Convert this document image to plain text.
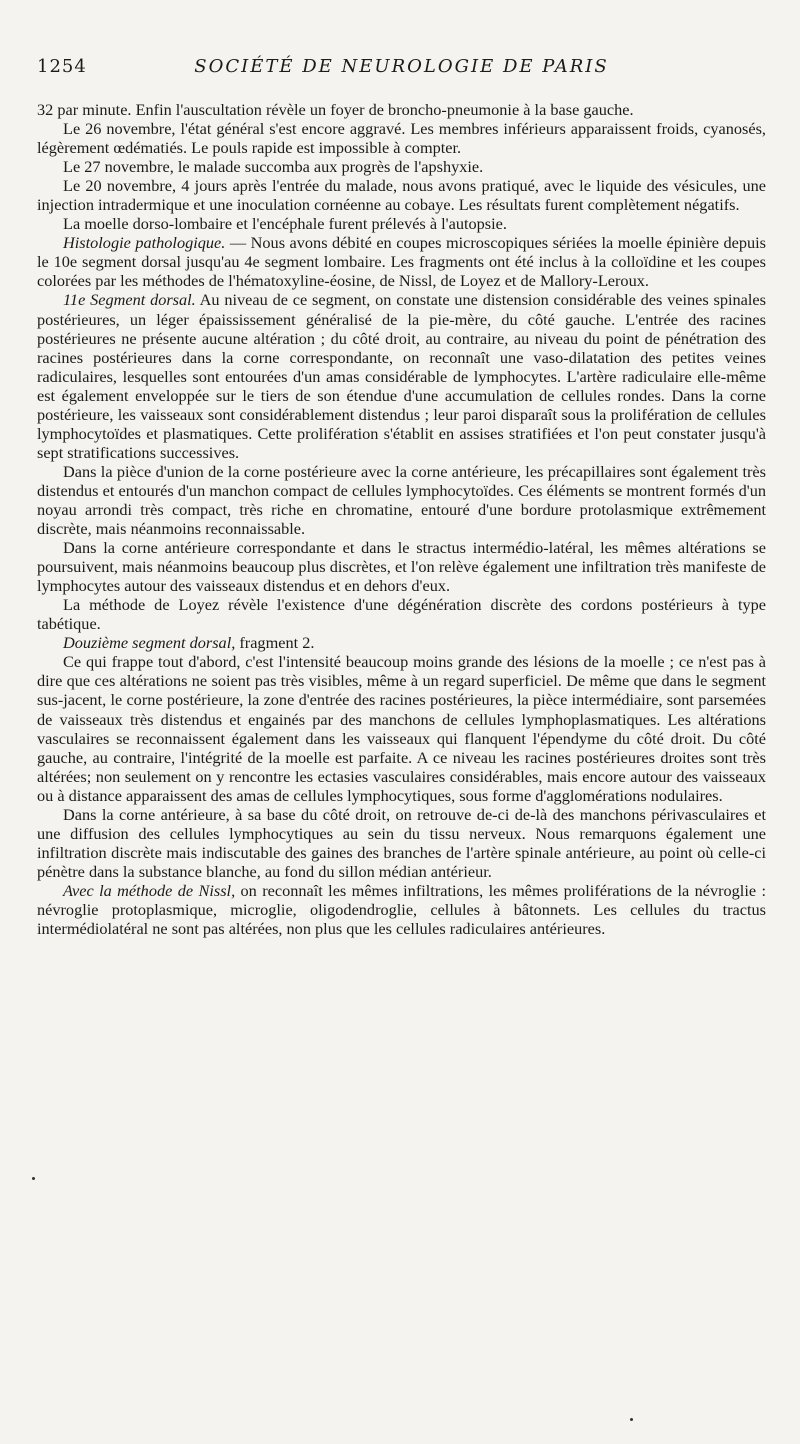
1254	SOCIÉTÉ DE NEUROLOGIE DE PARIS

32 par minute. Enfin l'auscultation révèle un foyer de broncho-pneumonie à la base gauche.

Le 26 novembre, l'état général s'est encore aggravé. Les membres inférieurs apparaissent froids, cyanosés, légèrement œdématiés. Le pouls rapide est impossible à compter.

Le 27 novembre, le malade succomba aux progrès de l'apshyxie.

Le 20 novembre, 4 jours après l'entrée du malade, nous avons pratiqué, avec le liquide des vésicules, une injection intradermique et une inoculation cornéenne au cobaye. Les résultats furent complètement négatifs.

La moelle dorso-lombaire et l'encéphale furent prélevés à l'autopsie.

Histologie pathologique. — Nous avons débité en coupes microscopiques sériées la moelle épinière depuis le 10e segment dorsal jusqu'au 4e segment lombaire. Les fragments ont été inclus à la colloïdine et les coupes colorées par les méthodes de l'hématoxyline-éosine, de Nissl, de Loyez et de Mallory-Leroux.

11e Segment dorsal. Au niveau de ce segment, on constate une distension considérable des veines spinales postérieures, un léger épaississement généralisé de la pie-mère, du côté gauche. L'entrée des racines postérieures ne présente aucune altération ; du côté droit, au contraire, au niveau du point de pénétration des racines postérieures dans la corne correspondante, on reconnaît une vaso-dilatation des petites veines radiculaires, lesquelles sont entourées d'un amas considérable de lymphocytes. L'artère radiculaire elle-même est également enveloppée sur le tiers de son étendue d'une accumulation de cellules rondes. Dans la corne postérieure, les vaisseaux sont considérablement distendus ; leur paroi disparaît sous la prolifération de cellules lymphocytoïdes et plasmatiques. Cette prolifération s'établit en assises stratifiées et l'on peut constater jusqu'à sept stratifications successives.

Dans la pièce d'union de la corne postérieure avec la corne antérieure, les précapillaires sont également très distendus et entourés d'un manchon compact de cellules lymphocytoïdes. Ces éléments se montrent formés d'un noyau arrondi très compact, très riche en chromatine, entouré d'une bordure protolasmique extrêmement discrète, mais néanmoins reconnaissable.

Dans la corne antérieure correspondante et dans le stractus intermédio-latéral, les mêmes altérations se poursuivent, mais néanmoins beaucoup plus discrètes, et l'on relève également une infiltration très manifeste de lymphocytes autour des vaisseaux distendus et en dehors d'eux.

La méthode de Loyez révèle l'existence d'une dégénération discrète des cordons postérieurs à type tabétique.

Douzième segment dorsal, fragment 2.

Ce qui frappe tout d'abord, c'est l'intensité beaucoup moins grande des lésions de la moelle ; ce n'est pas à dire que ces altérations ne soient pas très visibles, même à un regard superficiel. De même que dans le segment sus-jacent, le corne postérieure, la zone d'entrée des racines postérieures, la pièce intermédiaire, sont parsemées de vaisseaux très distendus et engainés par des manchons de cellules lymphoplasmatiques. Les altérations vasculaires se reconnaissent également dans les vaisseaux qui flanquent l'épendyme du côté droit. Du côté gauche, au contraire, l'intégrité de la moelle est parfaite. A ce niveau les racines postérieures droites sont très altérées; non seulement on y rencontre les ectasies vasculaires considérables, mais encore autour des vaisseaux ou à distance apparaissent des amas de cellules lymphocytiques, sous forme d'agglomérations nodulaires.

Dans la corne antérieure, à sa base du côté droit, on retrouve de-ci de-là des manchons périvasculaires et une diffusion des cellules lymphocytiques au sein du tissu nerveux. Nous remarquons également une infiltration discrète mais indiscutable des gaines des branches de l'artère spinale antérieure, au point où celle-ci pénètre dans la substance blanche, au fond du sillon médian antérieur.

Avec la méthode de Nissl, on reconnaît les mêmes infiltrations, les mêmes proliférations de la névroglie : névroglie protoplasmique, microglie, oligodendroglie, cellules à bâtonnets. Les cellules du tractus intermédiolatéral ne sont pas altérées, non plus que les cellules radiculaires antérieures.
